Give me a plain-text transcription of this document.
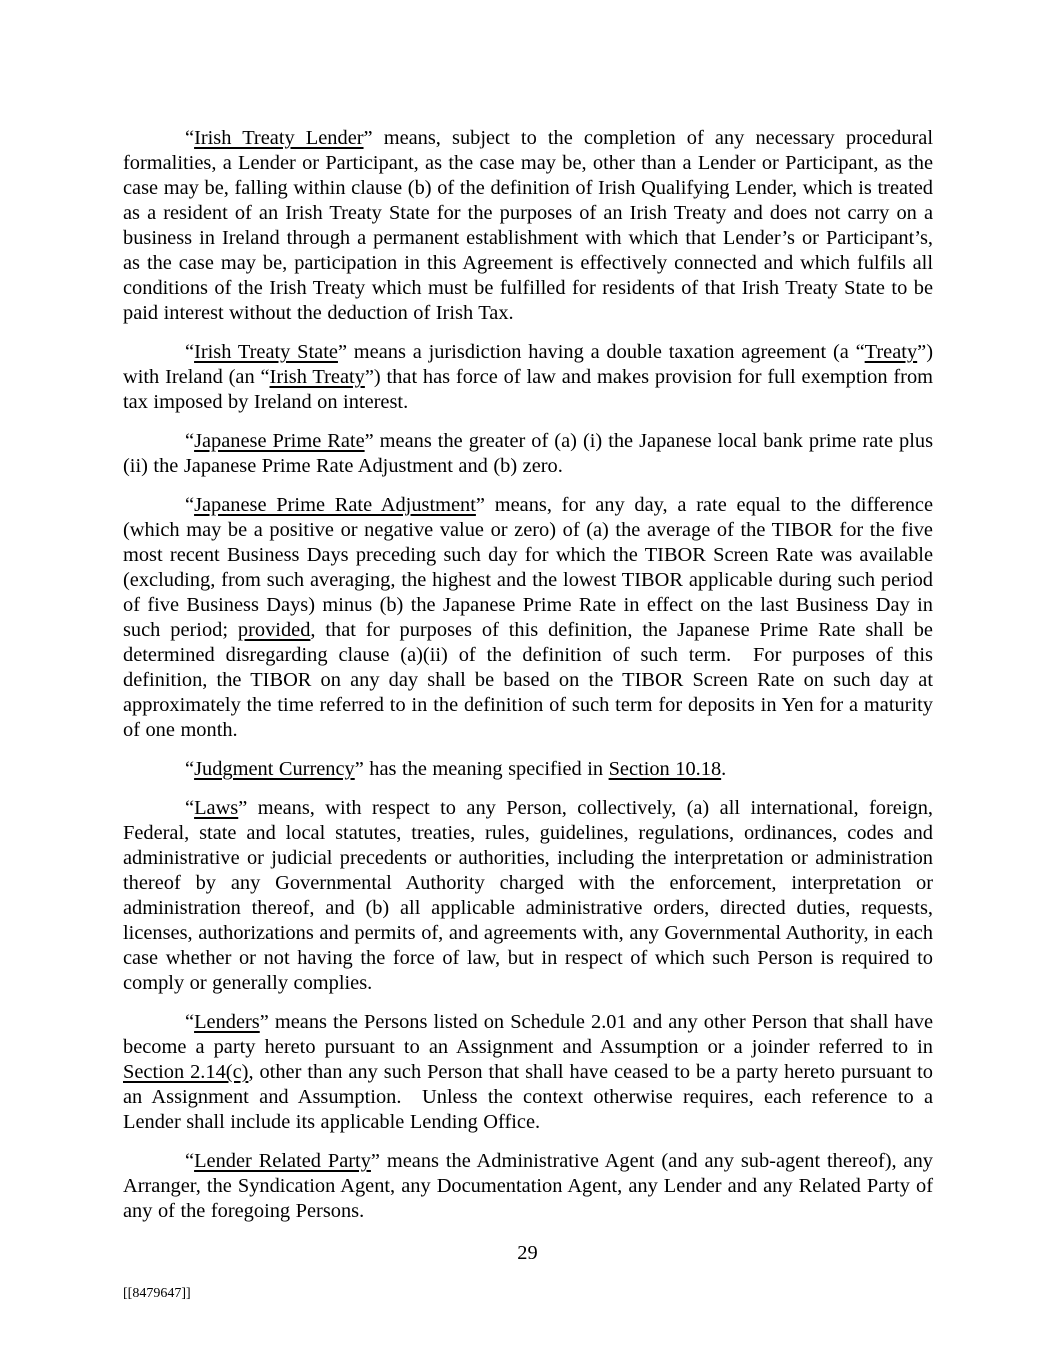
“Irish Treaty Lender” means, subject to the completion of any necessary procedural formalities, a Lender or Participant, as the case may be, other than a Lender or Participant, as the case may be, falling within clause (b) of the definition of Irish Qualifying Lender, which is treated as a resident of an Irish Treaty State for the purposes of an Irish Treaty and does not carry on a business in Ireland through a permanent establishment with which that Lender’s or Participant’s, as the case may be, participation in this Agreement is effectively connected and which fulfils all conditions of the Irish Treaty which must be fulfilled for residents of that Irish Treaty State to be paid interest without the deduction of Irish Tax.

“Irish Treaty State” means a jurisdiction having a double taxation agreement (a “Treaty”) with Ireland (an “Irish Treaty”) that has force of law and makes provision for full exemption from tax imposed by Ireland on interest.

“Japanese Prime Rate” means the greater of (a) (i) the Japanese local bank prime rate plus (ii) the Japanese Prime Rate Adjustment and (b) zero.

“Japanese Prime Rate Adjustment” means, for any day, a rate equal to the difference (which may be a positive or negative value or zero) of (a) the average of the TIBOR for the five most recent Business Days preceding such day for which the TIBOR Screen Rate was available (excluding, from such averaging, the highest and the lowest TIBOR applicable during such period of five Business Days) minus (b) the Japanese Prime Rate in effect on the last Business Day in such period; provided, that for purposes of this definition, the Japanese Prime Rate shall be determined disregarding clause (a)(ii) of the definition of such term.  For purposes of this definition, the TIBOR on any day shall be based on the TIBOR Screen Rate on such day at approximately the time referred to in the definition of such term for deposits in Yen for a maturity of one month.

“Judgment Currency” has the meaning specified in Section 10.18.

“Laws” means, with respect to any Person, collectively, (a) all international, foreign, Federal, state and local statutes, treaties, rules, guidelines, regulations, ordinances, codes and administrative or judicial precedents or authorities, including the interpretation or administration thereof by any Governmental Authority charged with the enforcement, interpretation or administration thereof, and (b) all applicable administrative orders, directed duties, requests, licenses, authorizations and permits of, and agreements with, any Governmental Authority, in each case whether or not having the force of law, but in respect of which such Person is required to comply or generally complies.

“Lenders” means the Persons listed on Schedule 2.01 and any other Person that shall have become a party hereto pursuant to an Assignment and Assumption or a joinder referred to in Section 2.14(c), other than any such Person that shall have ceased to be a party hereto pursuant to an Assignment and Assumption.  Unless the context otherwise requires, each reference to a Lender shall include its applicable Lending Office.

“Lender Related Party” means the Administrative Agent (and any sub-agent thereof), any Arranger, the Syndication Agent, any Documentation Agent, any Lender and any Related Party of any of the foregoing Persons.

29
[[8479647]]
